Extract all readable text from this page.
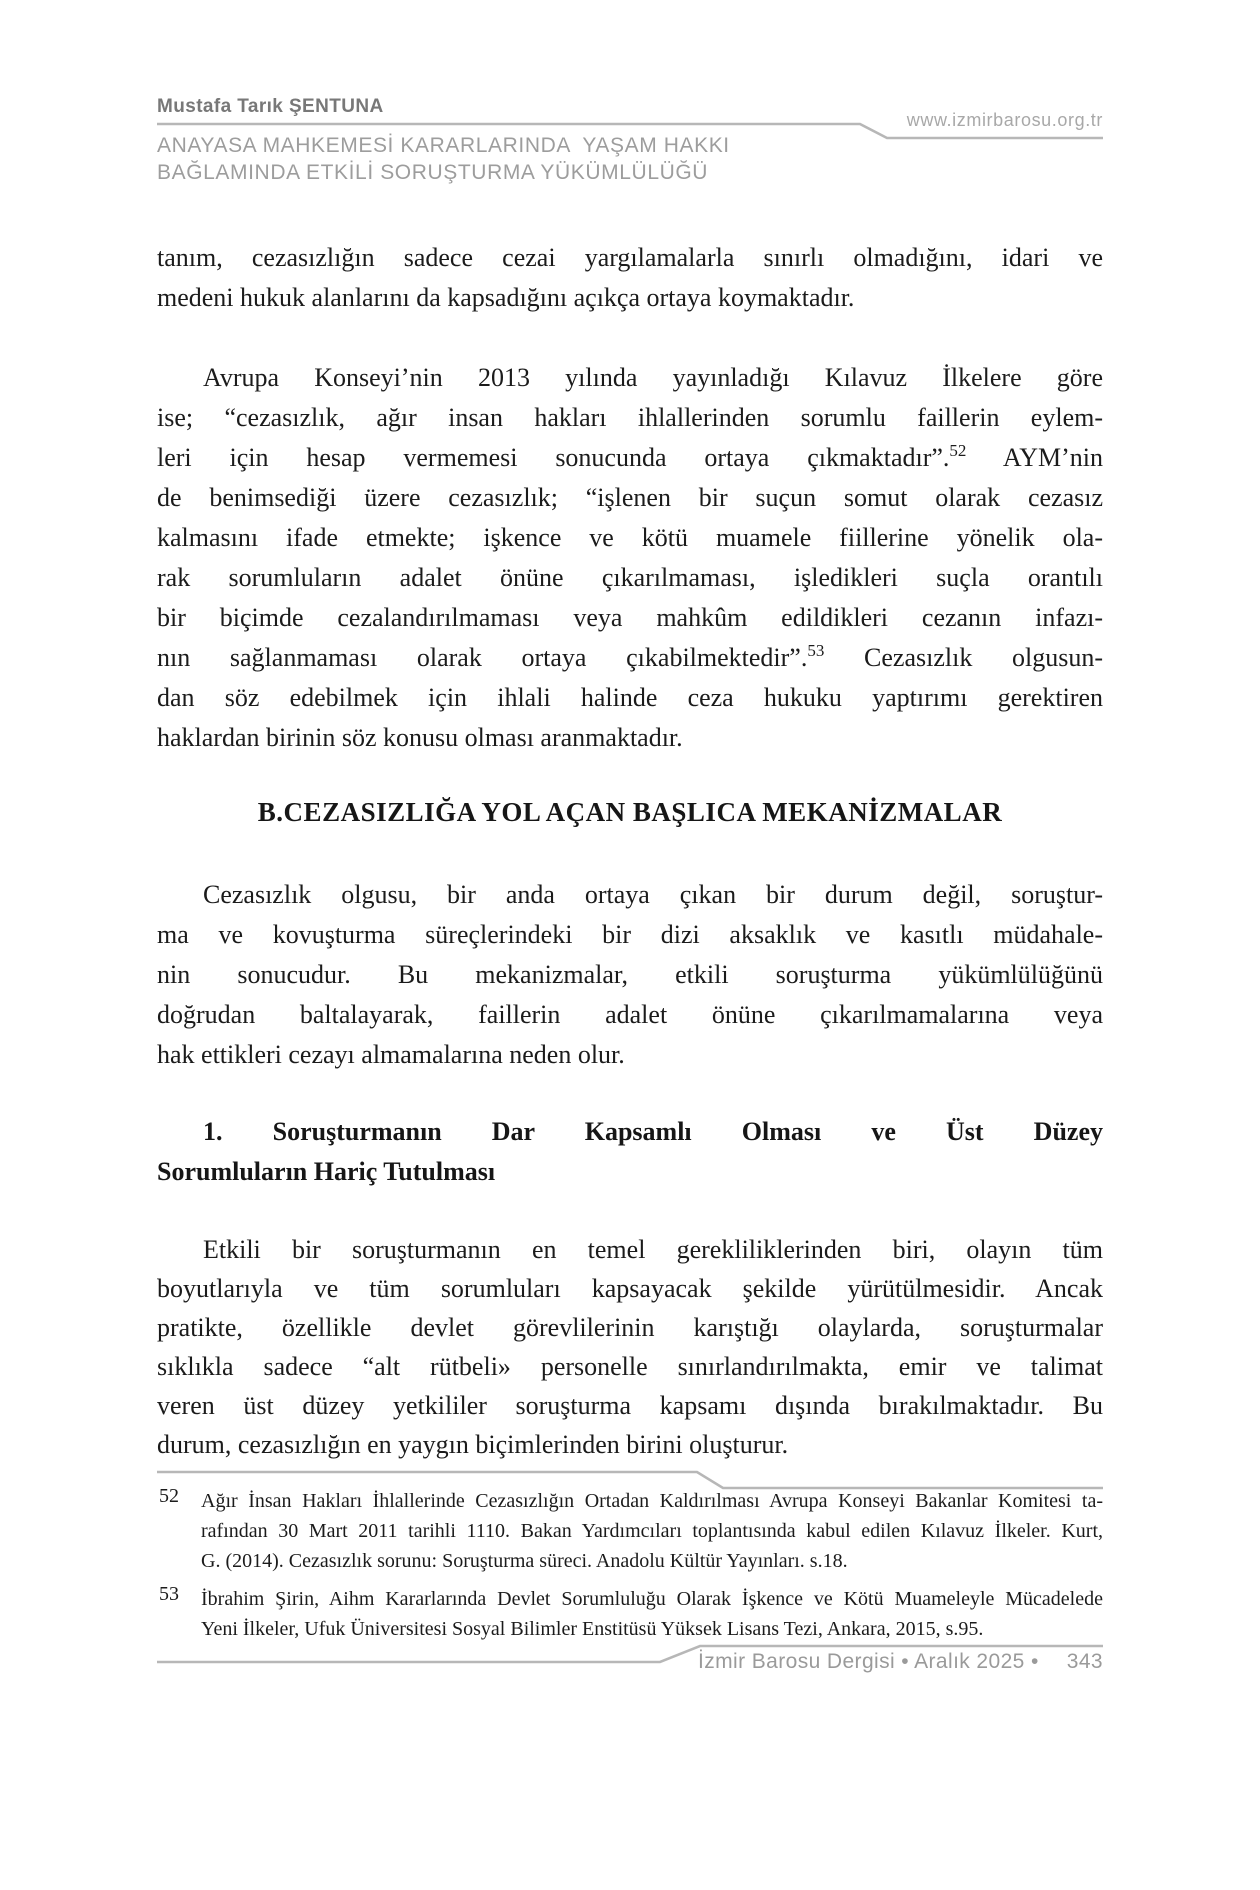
Mustafa Tarık ŞENTUNA
www.izmirbarosu.org.tr
ANAYASA MAHKEMESİ KARARLARINDA  YAŞAM HAKKI
BAĞLAMINDA ETKİLİ SORUŞTURMA YÜKÜMLÜLÜĞÜ
tanım, cezasızlığın sadece cezai yargılamalarla sınırlı olmadığını, idari ve
medeni hukuk alanlarını da kapsadığını açıkça ortaya koymaktadır.
Avrupa Konseyi’nin 2013 yılında yayınladığı Kılavuz İlkelere göre
ise; “cezasızlık, ağır insan hakları ihlallerinden sorumlu faillerin eylem-
leri için hesap vermemesi sonucunda ortaya çıkmaktadır”.$^{52}$ AYM’nin
de benimsediği üzere cezasızlık; “işlenen bir suçun somut olarak cezasız
kalmasını ifade etmekte; işkence ve kötü muamele fiillerine yönelik ola-
rak sorumluların adalet önüne çıkarılmaması, işledikleri suçla orantılı
bir biçimde cezalandırılmaması veya mahkûm edildikleri cezanın infazı-
nın sağlanmaması olarak ortaya çıkabilmektedir”.$^{53}$ Cezasızlık olgusun-
dan söz edebilmek için ihlali halinde ceza hukuku yaptırımı gerektiren
haklardan birinin söz konusu olması aranmaktadır.
B.CEZASIZLIĞA YOL AÇAN BAŞLICA MEKANİZMALAR
Cezasızlık olgusu, bir anda ortaya çıkan bir durum değil, soruştur-
ma ve kovuşturma süreçlerindeki bir dizi aksaklık ve kasıtlı müdahale-
nin sonucudur. Bu mekanizmalar, etkili soruşturma yükümlülüğünü
doğrudan baltalayarak, faillerin adalet önüne çıkarılmamalarına veya
hak ettikleri cezayı almamalarına neden olur.
1. Soruşturmanın Dar Kapsamlı Olması ve Üst Düzey
Sorumluların Hariç Tutulması
Etkili bir soruşturmanın en temel gerekliliklerinden biri, olayın tüm
boyutlarıyla ve tüm sorumluları kapsayacak şekilde yürütülmesidir. Ancak
pratikte, özellikle devlet görevlilerinin karıştığı olaylarda, soruşturmalar
sıklıkla sadece “alt rütbeli» personelle sınırlandırılmakta, emir ve talimat
veren üst düzey yetkililer soruşturma kapsamı dışında bırakılmaktadır. Bu
durum, cezasızlığın en yaygın biçimlerinden birini oluşturur.
52 Ağır İnsan Hakları İhlallerinde Cezasızlığın Ortadan Kaldırılması Avrupa Konseyi Bakanlar Komitesi ta-
rafından 30 Mart 2011 tarihli 1110. Bakan Yardımcıları toplantısında kabul edilen Kılavuz İlkeler. Kurt,
G. (2014). Cezasızlık sorunu: Soruşturma süreci. Anadolu Kültür Yayınları. s.18.
53 İbrahim Şirin, Aihm Kararlarında Devlet Sorumluluğu Olarak İşkence ve Kötü Muameleyle Mücadelede
Yeni İlkeler, Ufuk Üniversitesi Sosyal Bilimler Enstitüsü Yüksek Lisans Tezi, Ankara, 2015, s.95.
İzmir Barosu Dergisi • Aralık 2025 • 343
